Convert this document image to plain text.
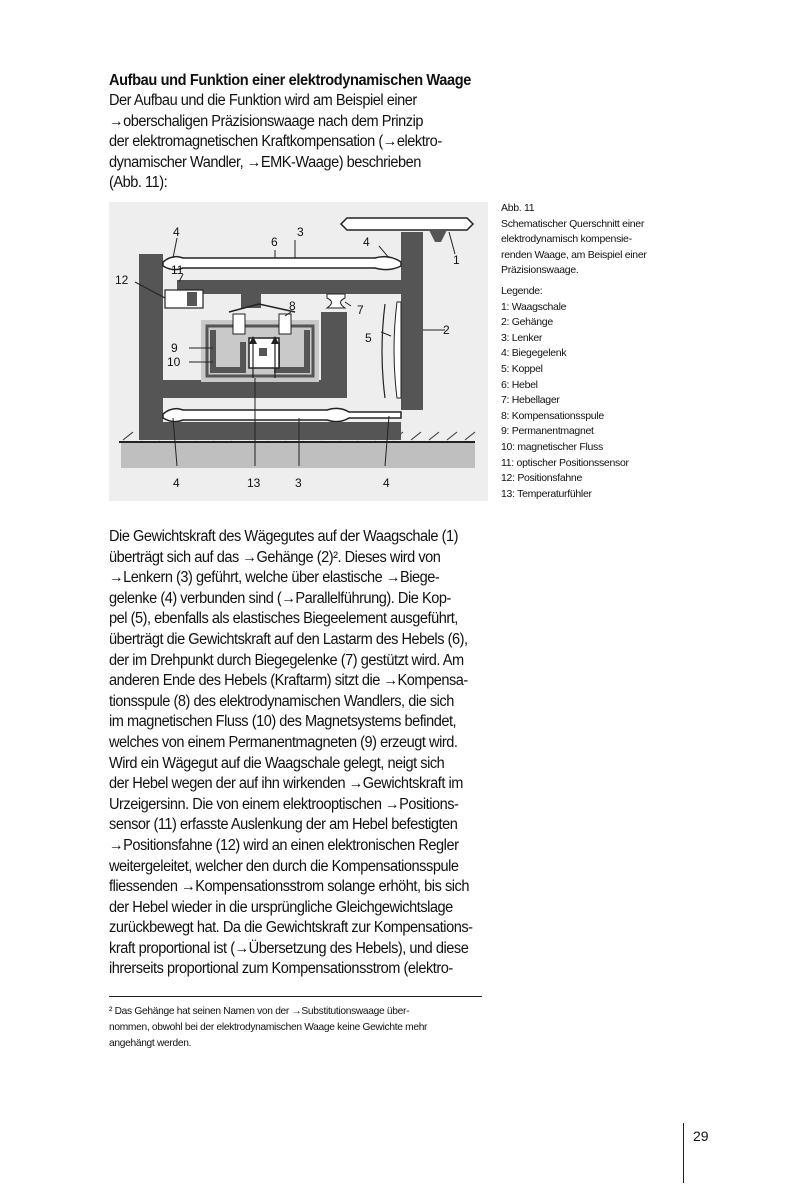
Aufbau und Funktion einer elektrodynamischen Waage
Der Aufbau und die Funktion wird am Beispiel einer
→oberschaligen Präzisionswaage nach dem Prinzip
der elektromagnetischen Kraftkompensation (→elektro-
dynamischer Wandler, →EMK-Waage) beschrieben
(Abb. 11):
1
2
3
3
4
4
4	4
5
6
7
8
9
10
11
12
13
Abb. 11
Schematischer Querschnitt einer
elektrodynamisch kompensie-
renden Waage, am Beispiel einer
Präzisionswaage.
Legende:
1: Waagschale
2: Gehänge
3: Lenker
4: Biegegelenk
5: Koppel
6: Hebel
7: Hebellager
8: Kompensationsspule
9: Permanentmagnet
10: magnetischer Fluss
11: optischer Positionssensor
12: Positionsfahne
13: Temperaturfühler
Die Gewichtskraft des Wägegutes auf der Waagschale (1)
überträgt sich auf das →Gehänge (2)². Dieses wird von
→Lenkern (3) geführt, welche über elastische →Biege-
gelenke (4) verbunden sind (→Parallelführung). Die Kop-
pel (5), ebenfalls als elastisches Biegeelement ausgeführt,
überträgt die Gewichtskraft auf den Lastarm des Hebels (6),
der im Drehpunkt durch Biegegelenke (7) gestützt wird. Am
anderen Ende des Hebels (Kraftarm) sitzt die →Kompensa-
tionsspule (8) des elektrodynamischen Wandlers, die sich
im magnetischen Fluss (10) des Magnetsystems befindet,
welches von einem Permanentmagneten (9) erzeugt wird.
Wird ein Wägegut auf die Waagschale gelegt, neigt sich
der Hebel wegen der auf ihn wirkenden →Gewichtskraft im
Urzeigersinn. Die von einem elektrooptischen →Positions-
sensor (11) erfasste Auslenkung der am Hebel befestigten
→Positionsfahne (12) wird an einen elektronischen Regler
weitergeleitet, welcher den durch die Kompensationsspule
fliessenden →Kompensationsstrom solange erhöht, bis sich
der Hebel wieder in die ursprüngliche Gleichgewichtslage
zurückbewegt hat. Da die Gewichtskraft zur Kompensations-
kraft proportional ist (→Übersetzung des Hebels), und diese
ihrerseits proportional zum Kompensationsstrom (elektro-
² Das Gehänge hat seinen Namen von der →Substitutionswaage über-
nommen, obwohl bei der elektrodynamischen Waage keine Gewichte mehr
angehängt werden.
29
